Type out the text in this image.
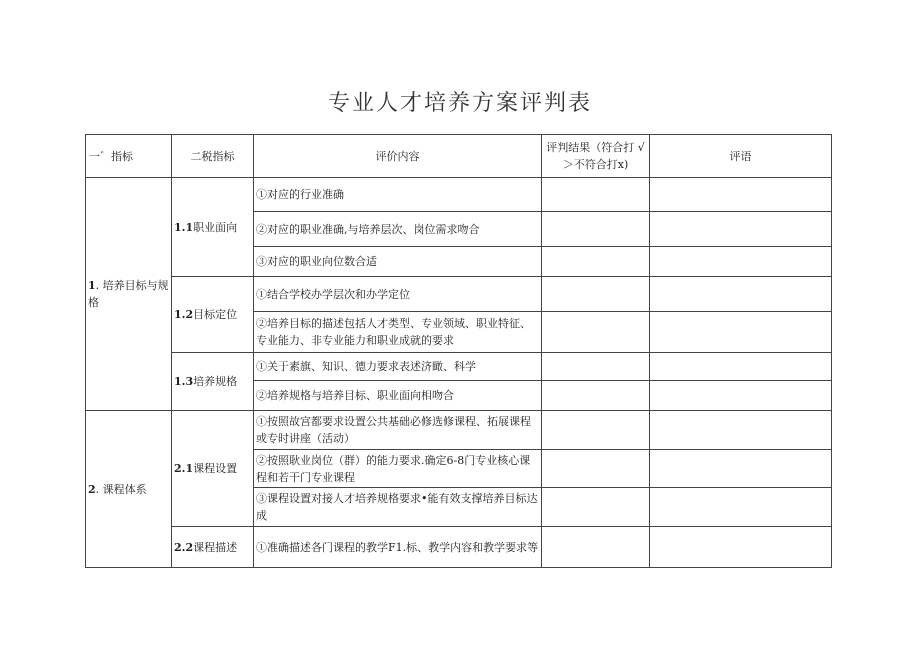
专业人才培养方案评判表
一゛指标	二税指标	评价内容	评判结果（符合打 √＞不符合打x)	评语
1. 培养目标与规格	1.1职业面向	①对应的行业准确		
		②对应的职业准确,与培养层次、岗位需求吻合		
		③对应的职业向位数合适		
	1.2目标定位	①结合学校办学层次和办学定位		
		②培养目标的描述包括人才类型、专业领域、职业特征、专业能力、非专业能力和职业成就的要求		
	1.3培养规格	①关于素旗、知识、德力要求表述济瞰、科学		
		②培养规格与培养目标、职业面向相吻合		
2. 课程体系	2.1课程设置	①按照故宫都要求设置公共基础必修选修课程、拓展课程或专时讲座（活动）		
		②按照耿业岗位（群）的能力要求.确定6-8门专业核心课程和若干门专业课程		
		③课程设置对接人才培养规格要求•能有效支撑培养目标达成		
	2.2课程描述	①准确描述各门课程的教学F1.标、教学内容和教学要求等		
